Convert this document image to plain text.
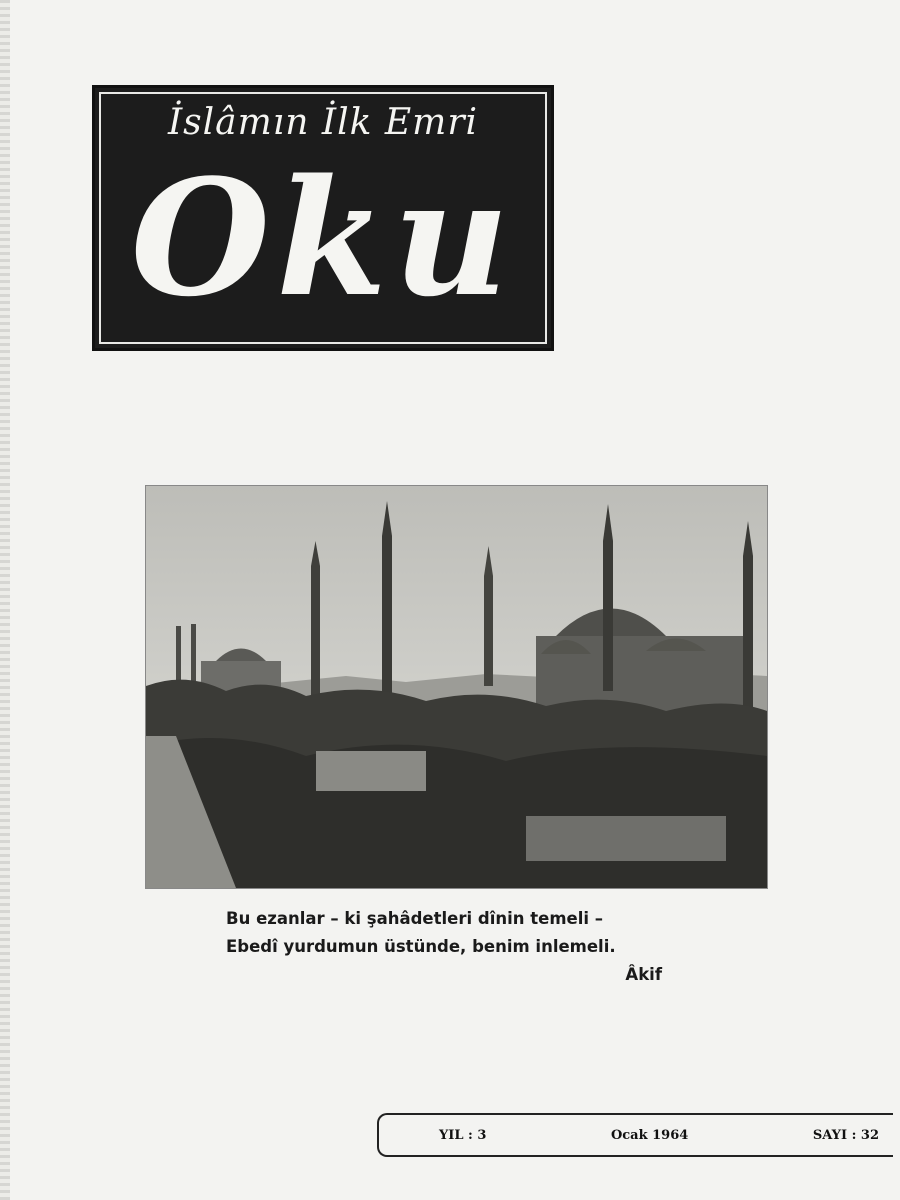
İslâmın İlk Emri
Oku
Bu ezanlar – ki şahâdetleri dînin temeli –
Ebedî yurdumun üstünde, benim inlemeli.
Âkif
YIL : 3	Ocak 1964	SAYI : 32
